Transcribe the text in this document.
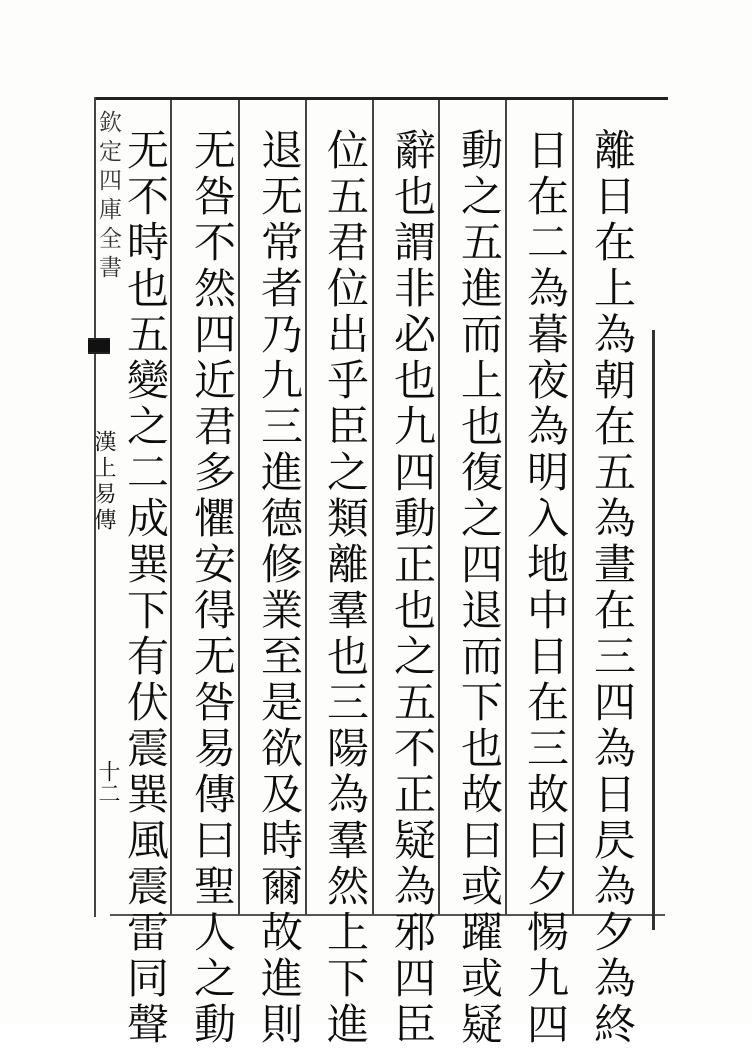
欽定四庫全書
漢上易傳
十二	離日在上為朝在五為晝在三四為日昃為夕為終
日在二為暮夜為明入地中日在三故曰夕惕九四
動之五進而上也復之四退而下也故曰或躍或疑
辭也謂非必也九四動正也之五不正疑為邪四臣
位五君位出乎臣之類離羣也三陽為羣然上下進
退无常者乃九三進德修業至是欲及時爾故進則
无咎不然四近君多懼安得无咎易傳曰聖人之動
无不時也五變之二成巽下有伏震巽風震雷同聲
